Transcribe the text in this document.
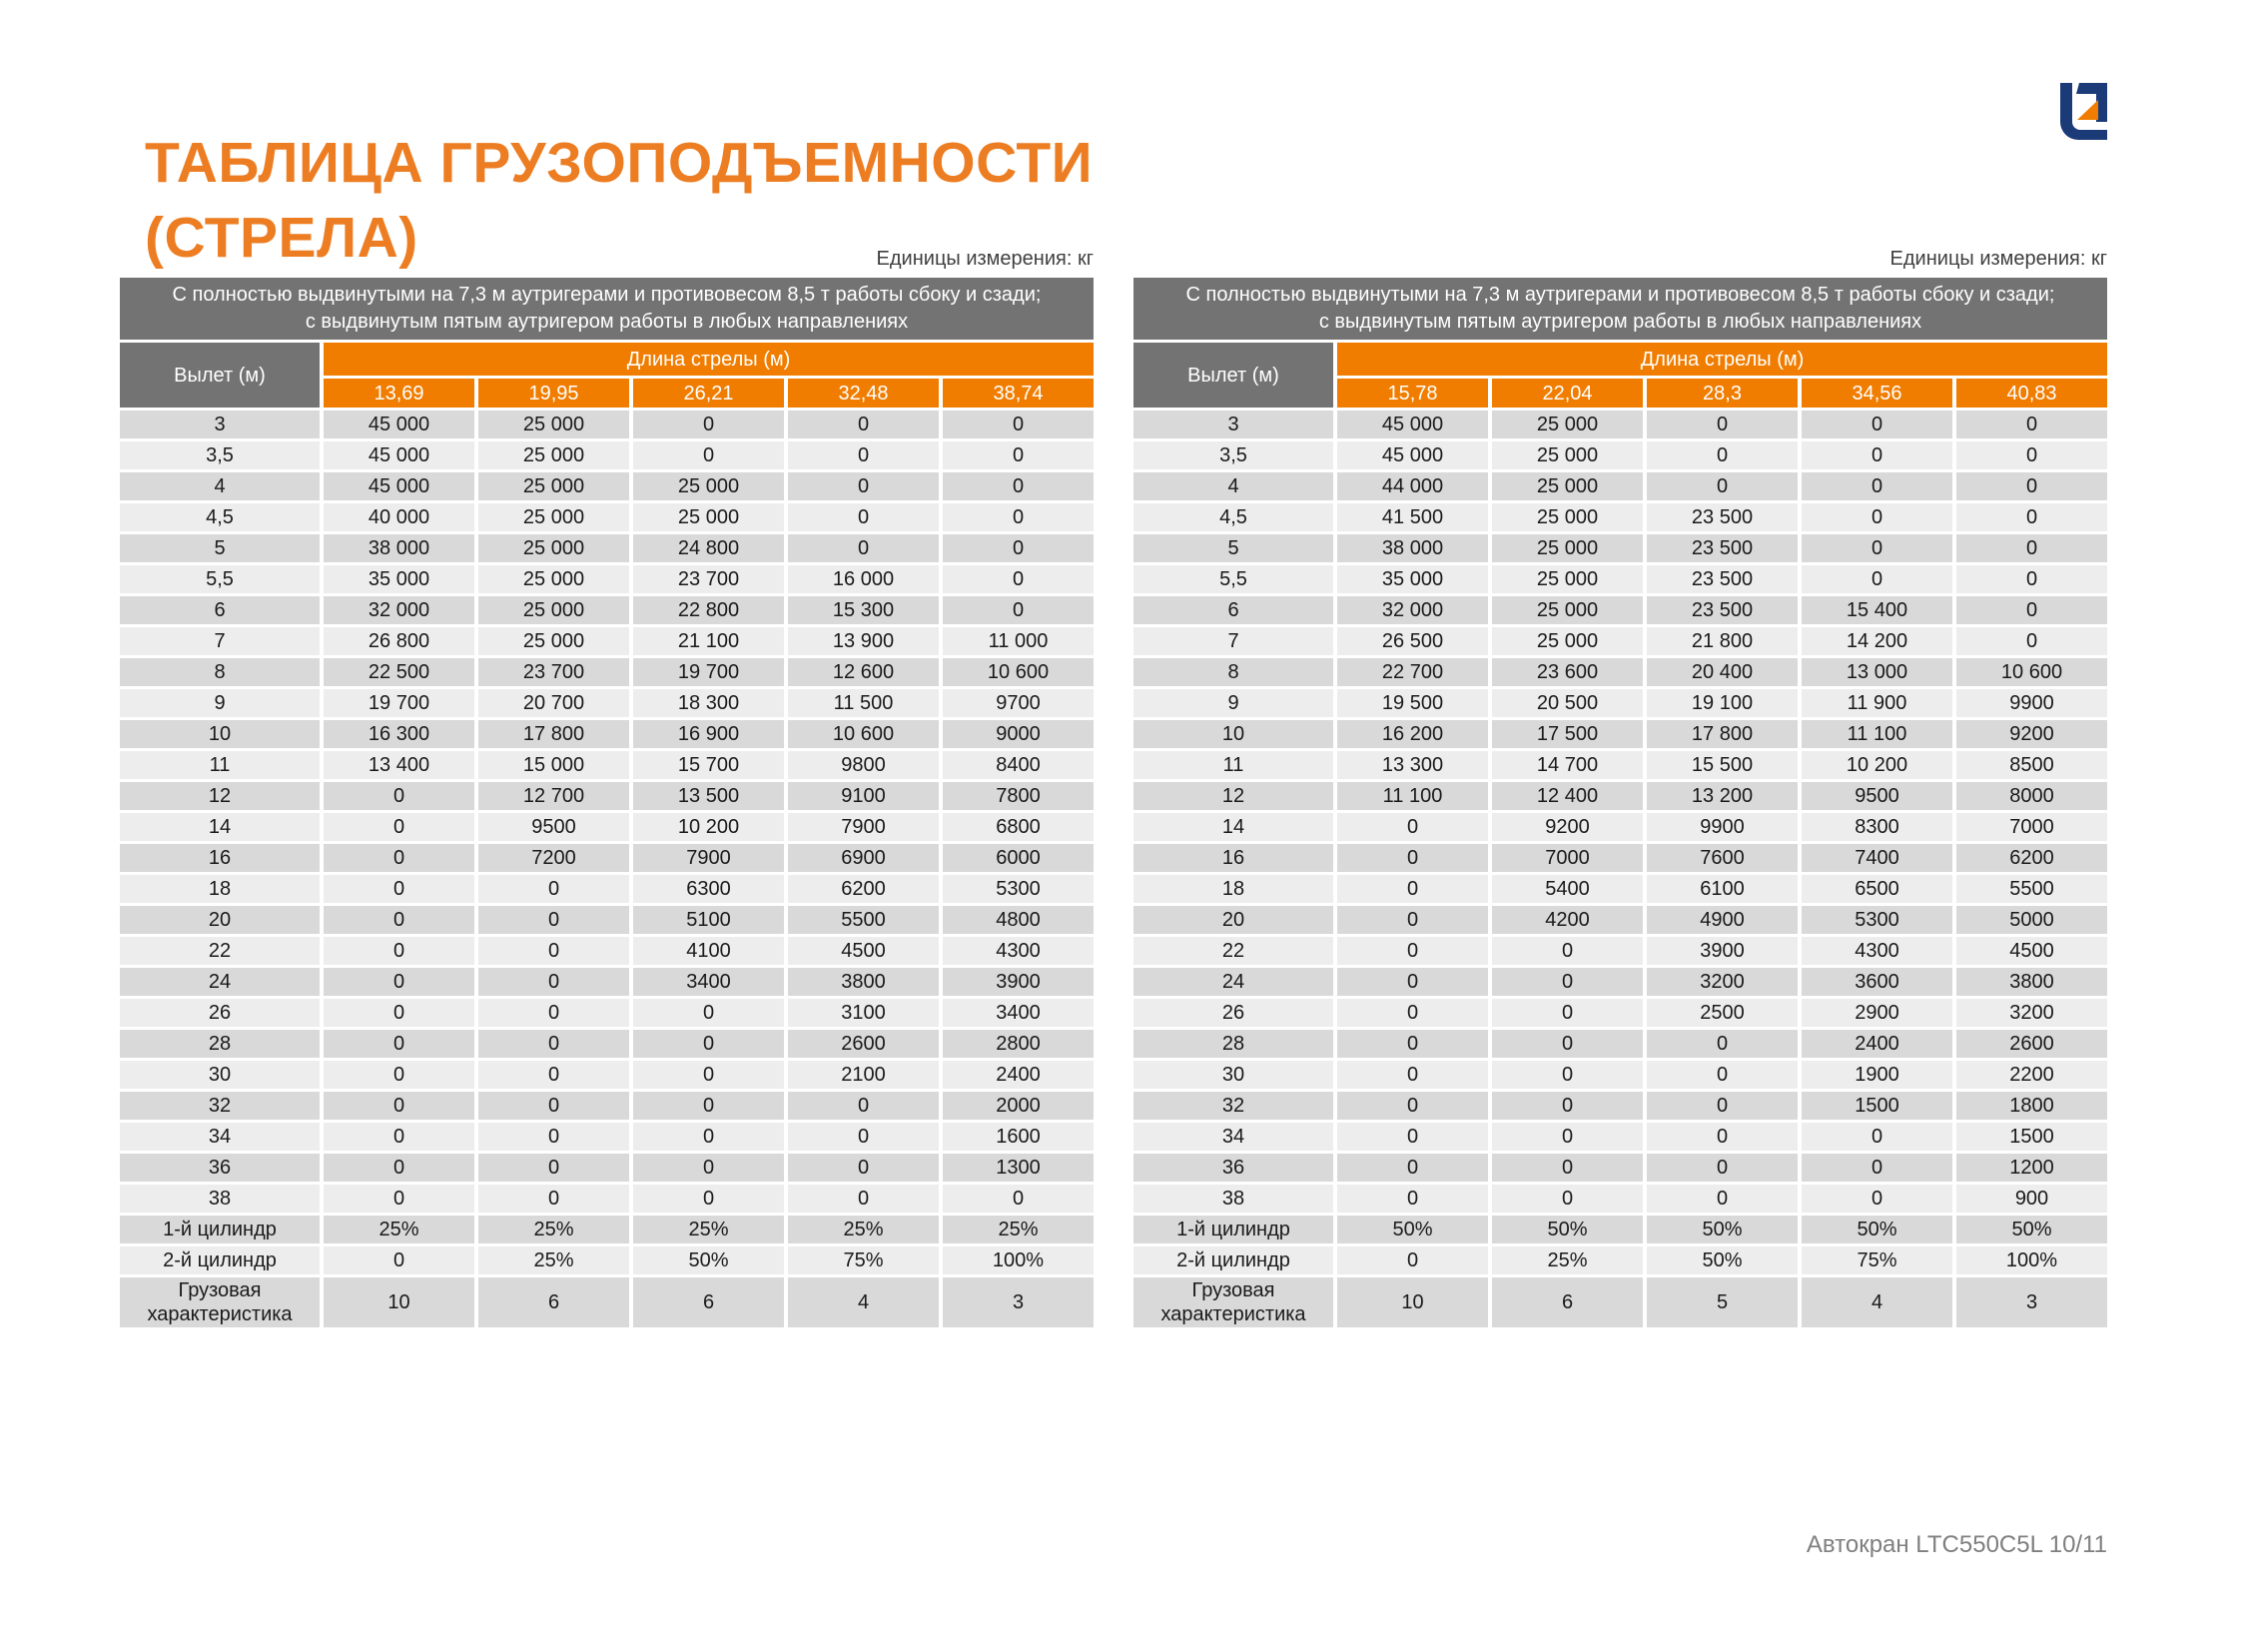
ТАБЛИЦА ГРУЗОПОДЪЕМНОСТИ
(СТРЕЛА)	Единицы измерения: кг
С полностью выдвинутыми на 7,3 м аутригерами и противовесом 8,5 т работы сбоку и сзади;
с выдвинутым пятым аутригером работы в любых направлениях
Вылет (м)	Длина стрелы (м)				
	13,69	19,95	26,21	32,48	38,74
3	45 000	25 000	0	0	0
3,5	45 000	25 000	0	0	0
4	45 000	25 000	25 000	0	0
4,5	40 000	25 000	25 000	0	0
5	38 000	25 000	24 800	0	0
5,5	35 000	25 000	23 700	16 000	0
6	32 000	25 000	22 800	15 300	0
7	26 800	25 000	21 100	13 900	11 000
8	22 500	23 700	19 700	12 600	10 600
9	19 700	20 700	18 300	11 500	9700
10	16 300	17 800	16 900	10 600	9000
11	13 400	15 000	15 700	9800	8400
12	0	12 700	13 500	9100	7800
14	0	9500	10 200	7900	6800
16	0	7200	7900	6900	6000
18	0	0	6300	6200	5300
20	0	0	5100	5500	4800
22	0	0	4100	4500	4300
24	0	0	3400	3800	3900
26	0	0	0	3100	3400
28	0	0	0	2600	2800
30	0	0	0	2100	2400
32	0	0	0	0	2000
34	0	0	0	0	1600
36	0	0	0	0	1300
38	0	0	0	0	0
1-й цилиндр	25%	25%	25%	25%	25%
2-й цилиндр	0	25%	50%	75%	100%
Грузовая характеристика	10	6	6	4	3
Единицы измерения: кг
С полностью выдвинутыми на 7,3 м аутригерами и противовесом 8,5 т работы сбоку и сзади;
с выдвинутым пятым аутригером работы в любых направлениях
Вылет (м)	Длина стрелы (м)				
	15,78	22,04	28,3	34,56	40,83
3	45 000	25 000	0	0	0
3,5	45 000	25 000	0	0	0
4	44 000	25 000	0	0	0
4,5	41 500	25 000	23 500	0	0
5	38 000	25 000	23 500	0	0
5,5	35 000	25 000	23 500	0	0
6	32 000	25 000	23 500	15 400	0
7	26 500	25 000	21 800	14 200	0
8	22 700	23 600	20 400	13 000	10 600
9	19 500	20 500	19 100	11 900	9900
10	16 200	17 500	17 800	11 100	9200
11	13 300	14 700	15 500	10 200	8500
12	11 100	12 400	13 200	9500	8000
14	0	9200	9900	8300	7000
16	0	7000	7600	7400	6200
18	0	5400	6100	6500	5500
20	0	4200	4900	5300	5000
22	0	0	3900	4300	4500
24	0	0	3200	3600	3800
26	0	0	2500	2900	3200
28	0	0	0	2400	2600
30	0	0	0	1900	2200
32	0	0	0	1500	1800
34	0	0	0	0	1500
36	0	0	0	0	1200
38	0	0	0	0	900
1-й цилиндр	50%	50%	50%	50%	50%
2-й цилиндр	0	25%	50%	75%	100%
Грузовая характеристика	10	6	5	4	3
Автокран LTC550C5L 10/11
